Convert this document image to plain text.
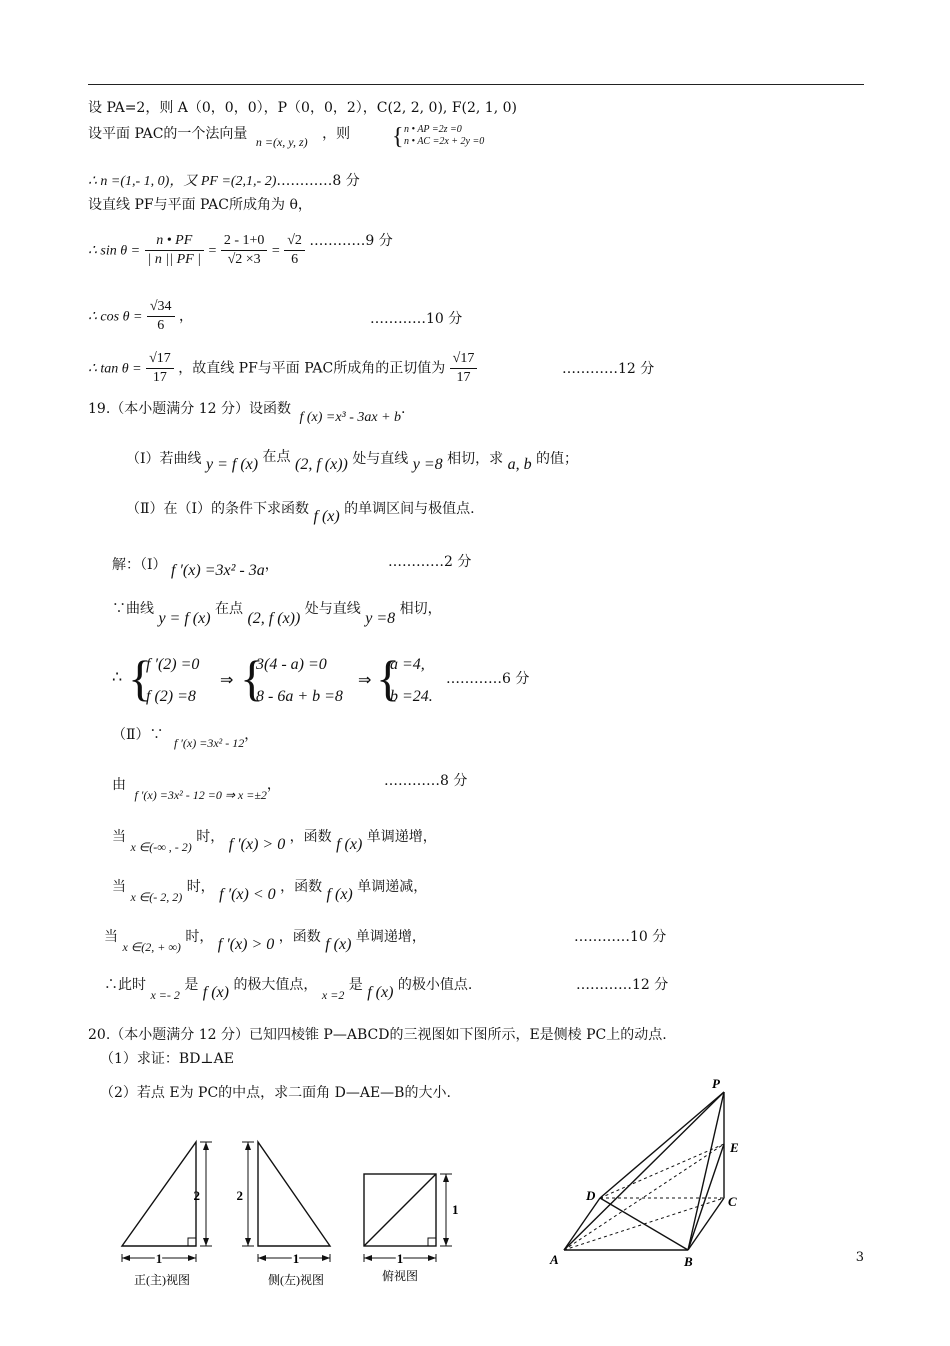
设 PA=2，则 A（0，0，0），P（0，0，2），C(2, 2, 0), F(2, 1, 0)
设平面 PAC的一个法向量 n =(x, y, z) ，则 { n • AP =2z =0
n • AC =2x + 2y =0
∴ n =(1,- 1, 0)，又 PF =(2,1,- 2)…………8 分
设直线 PF与平面 PAC所成角为 θ，
∴ $\sin \theta = \frac{n • PF}{| n || PF |} = \frac{2 - 1+0}{√2 \times 3} = \frac{√2}{6}$ …………9 分
∴ $\cos \theta = \frac{√34}{6}$ ，	…………10 分
∴ $\tan \theta = \frac{√17}{17}$ ，故直线 PF与平面 PAC所成角的正切值为 $\frac{√17}{17}$	…………12 分
19.（本小题满分 12 分）设函数 f (x) =x³ - 3ax + b.
（Ⅰ）若曲线 y = f (x) 在点 (2, f (x)) 处与直线 y =8 相切，求 a, b 的值；
（Ⅱ）在（Ⅰ）的条件下求函数 f (x) 的单调区间与极值点.
解：（Ⅰ） f ′(x) =3x² - 3a，	…………2 分
∵曲线 y = f (x) 在点 (2, f (x)) 处与直线 y =8 相切，
∴ {
f ′(2) =0
f (2) =8
⇒ {
3(4 - a) =0
8 - 6a + b =8
⇒ {
a =4,
b =24.
…………6 分
（Ⅱ）∵ f ′(x) =3x² - 12，
由 f ′(x) =3x² - 12 =0 ⇒ x =±2，	…………8 分
当 x ∈(-∞ , - 2) 时， f ′(x) > 0 ，函数 f (x) 单调递增，
当 x ∈(- 2, 2) 时， f ′(x) < 0 ，函数 f (x) 单调递减，
当 x ∈(2, + ∞) 时， f ′(x) > 0 ，函数 f (x) 单调递增，	…………10 分
∴此时 x =- 2 是 f (x) 的极大值点， x =2 是 f (x) 的极小值点.	…………12 分
20.（本小题满分 12 分）已知四棱锥 P—ABCD的三视图如下图所示，E是侧棱 PC上的动点.
（1）求证：BD⊥AE
（2）若点 E为 PC的中点，求二面角 D—AE—B的大小.
2
1
正(主)视图
2
1
侧(左)视图
1
1
俯视图
P
E
D	C
A	B	3
